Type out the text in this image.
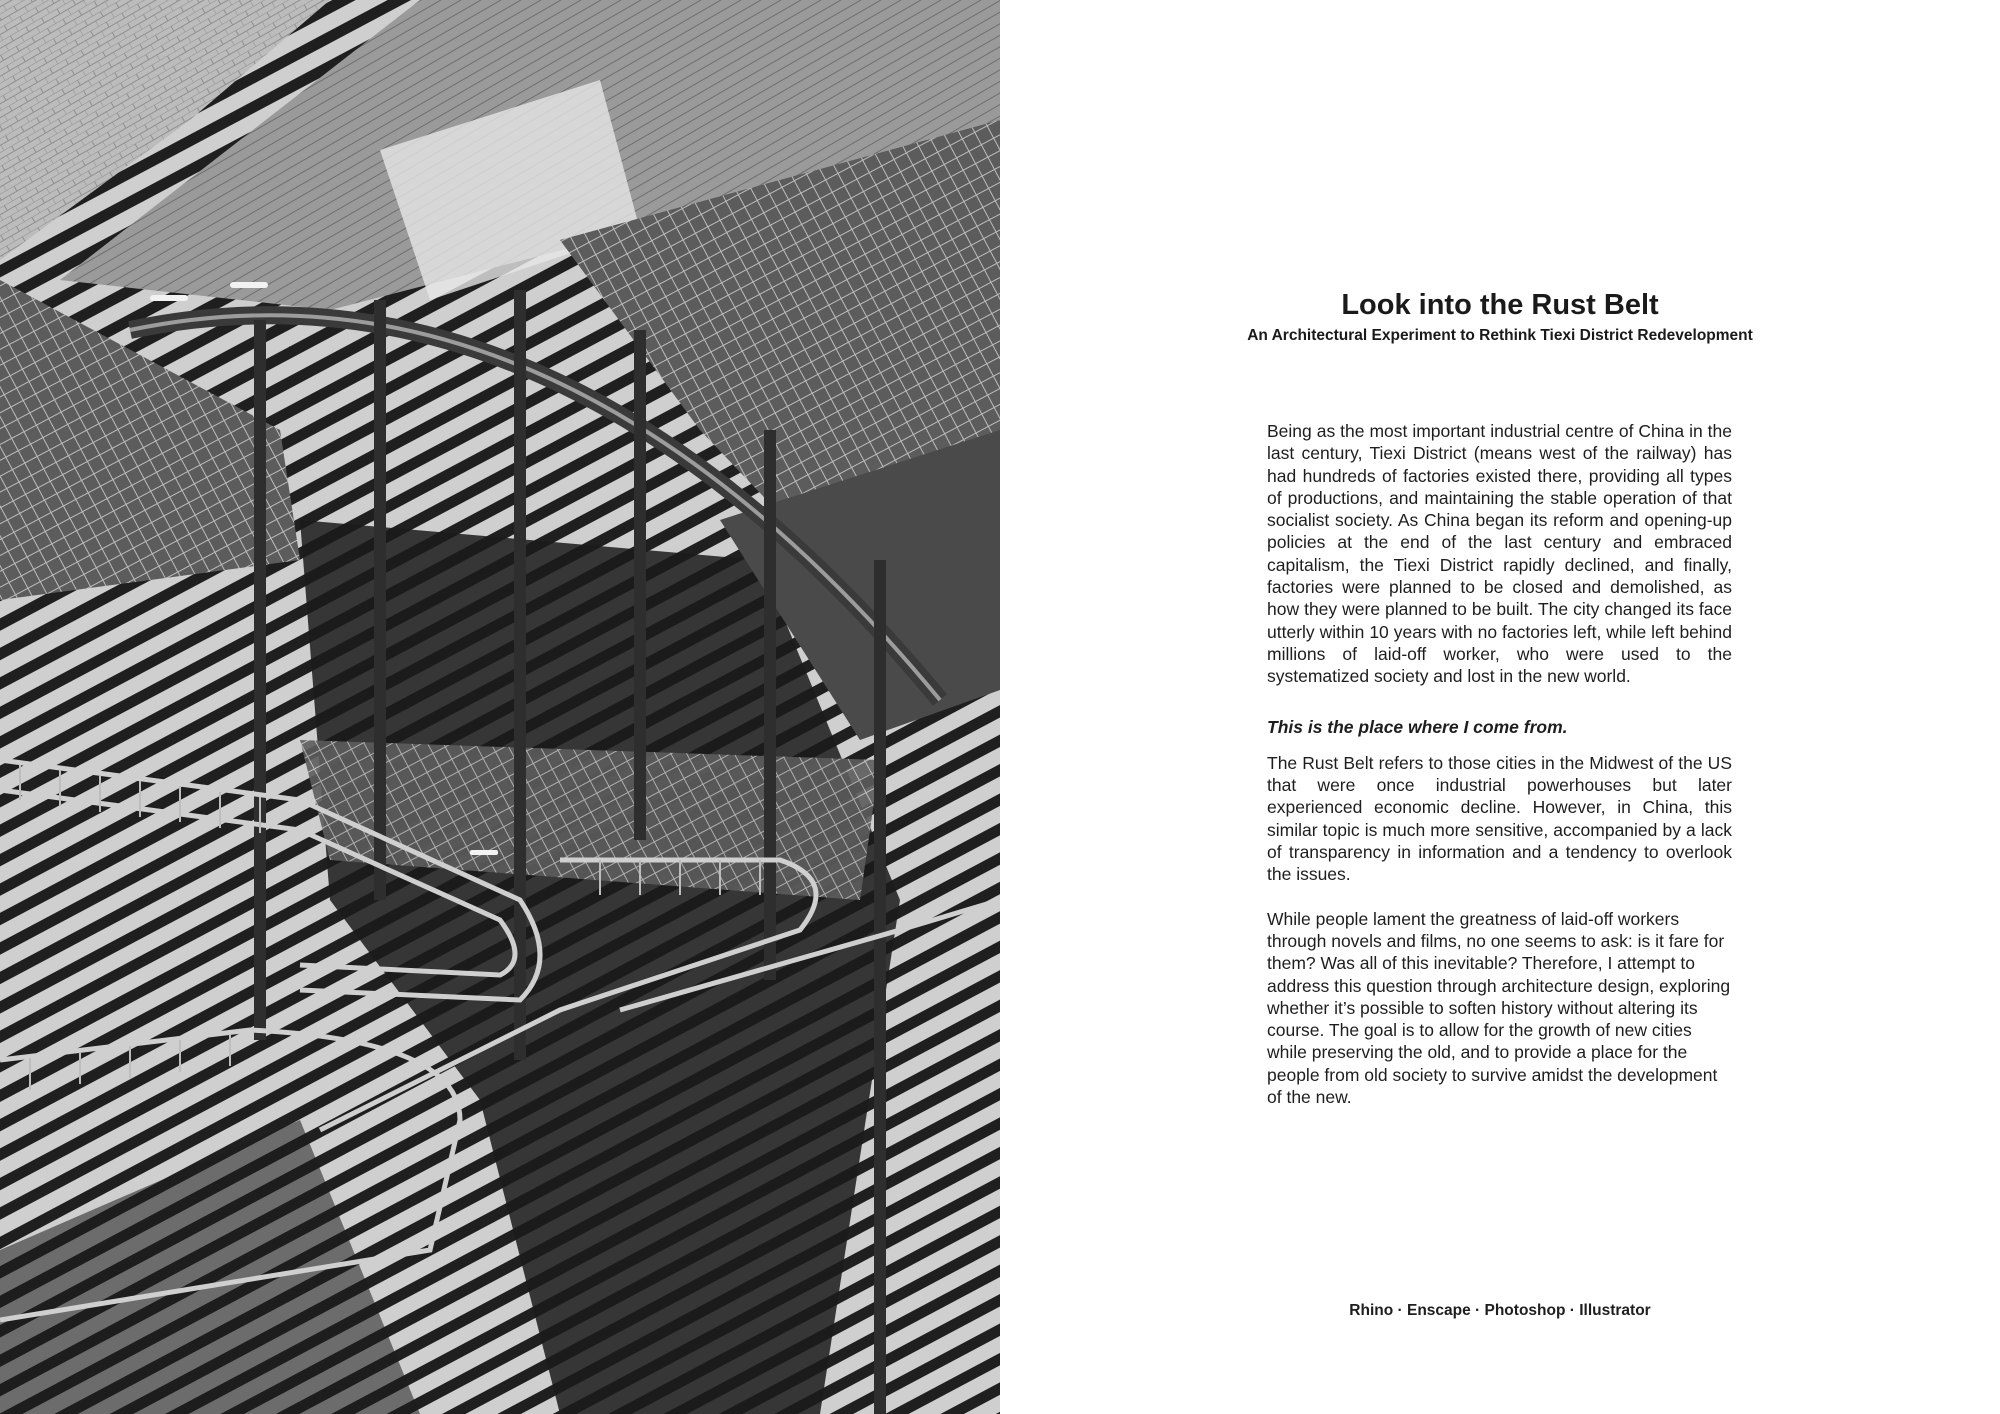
Look into the Rust Belt
An Architectural Experiment to Rethink Tiexi District Redevelopment

Being as the most important industrial centre of China in the last century, Tiexi District (means west of the railway) has had hundreds of factories existed there, providing all types of productions, and maintaining the stable operation of that socialist society. As China began its reform and opening-up policies at the end of the last century and embraced capitalism, the Tiexi District rapidly declined, and finally, factories were planned to be closed and demolished, as how they were planned to be built. The city changed its face utterly within 10 years with no factories left, while left behind millions of laid-off worker, who were used to the systematized society and lost in the new world.

This is the place where I come from.

The Rust Belt refers to those cities in the Midwest of the US that were once industrial powerhouses but later experienced economic decline. However, in China, this similar topic is much more sensitive, accompanied by a lack of transparency in information and a tendency to overlook the issues.

While people lament the greatness of laid-off workers through novels and films, no one seems to ask: is it fare for them? Was all of this inevitable? Therefore, I attempt to address this question through architecture design, exploring whether it’s possible to soften history without altering its course. The goal is to allow for the growth of new cities while preserving the old, and to provide a place for the people from old society to survive amidst the development of the new.

Rhino · Enscape · Photoshop · Illustrator
